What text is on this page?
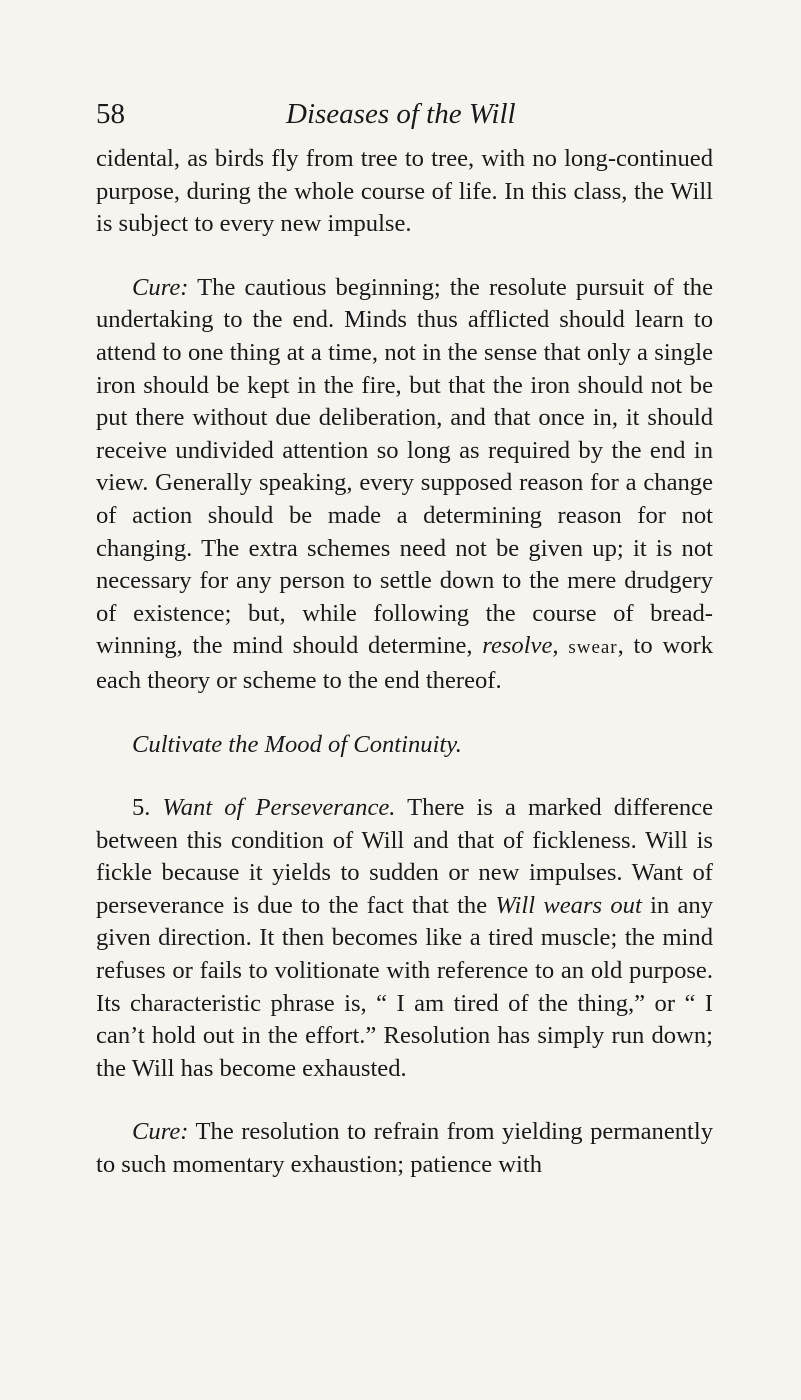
58	Diseases of the Will

cidental, as birds fly from tree to tree, with no long-continued purpose, during the whole course of life. In this class, the Will is subject to every new impulse.

Cure: The cautious beginning; the resolute pursuit of the undertaking to the end. Minds thus afflicted should learn to attend to one thing at a time, not in the sense that only a single iron should be kept in the fire, but that the iron should not be put there without due deliberation, and that once in, it should receive undivided attention so long as required by the end in view. Generally speaking, every supposed reason for a change of action should be made a determining reason for not changing. The extra schemes need not be given up; it is not necessary for any person to settle down to the mere drudgery of existence; but, while following the course of bread-winning, the mind should determine, resolve, swear, to work each theory or scheme to the end thereof.

Cultivate the Mood of Continuity.

5. Want of Perseverance. There is a marked difference between this condition of Will and that of fickleness. Will is fickle because it yields to sudden or new impulses. Want of perseverance is due to the fact that the Will wears out in any given direction. It then becomes like a tired muscle; the mind refuses or fails to volitionate with reference to an old purpose. Its characteristic phrase is, “ I am tired of the thing,” or “ I can’t hold out in the effort.” Resolution has simply run down; the Will has become exhausted.

Cure: The resolution to refrain from yielding permanently to such momentary exhaustion; patience with
